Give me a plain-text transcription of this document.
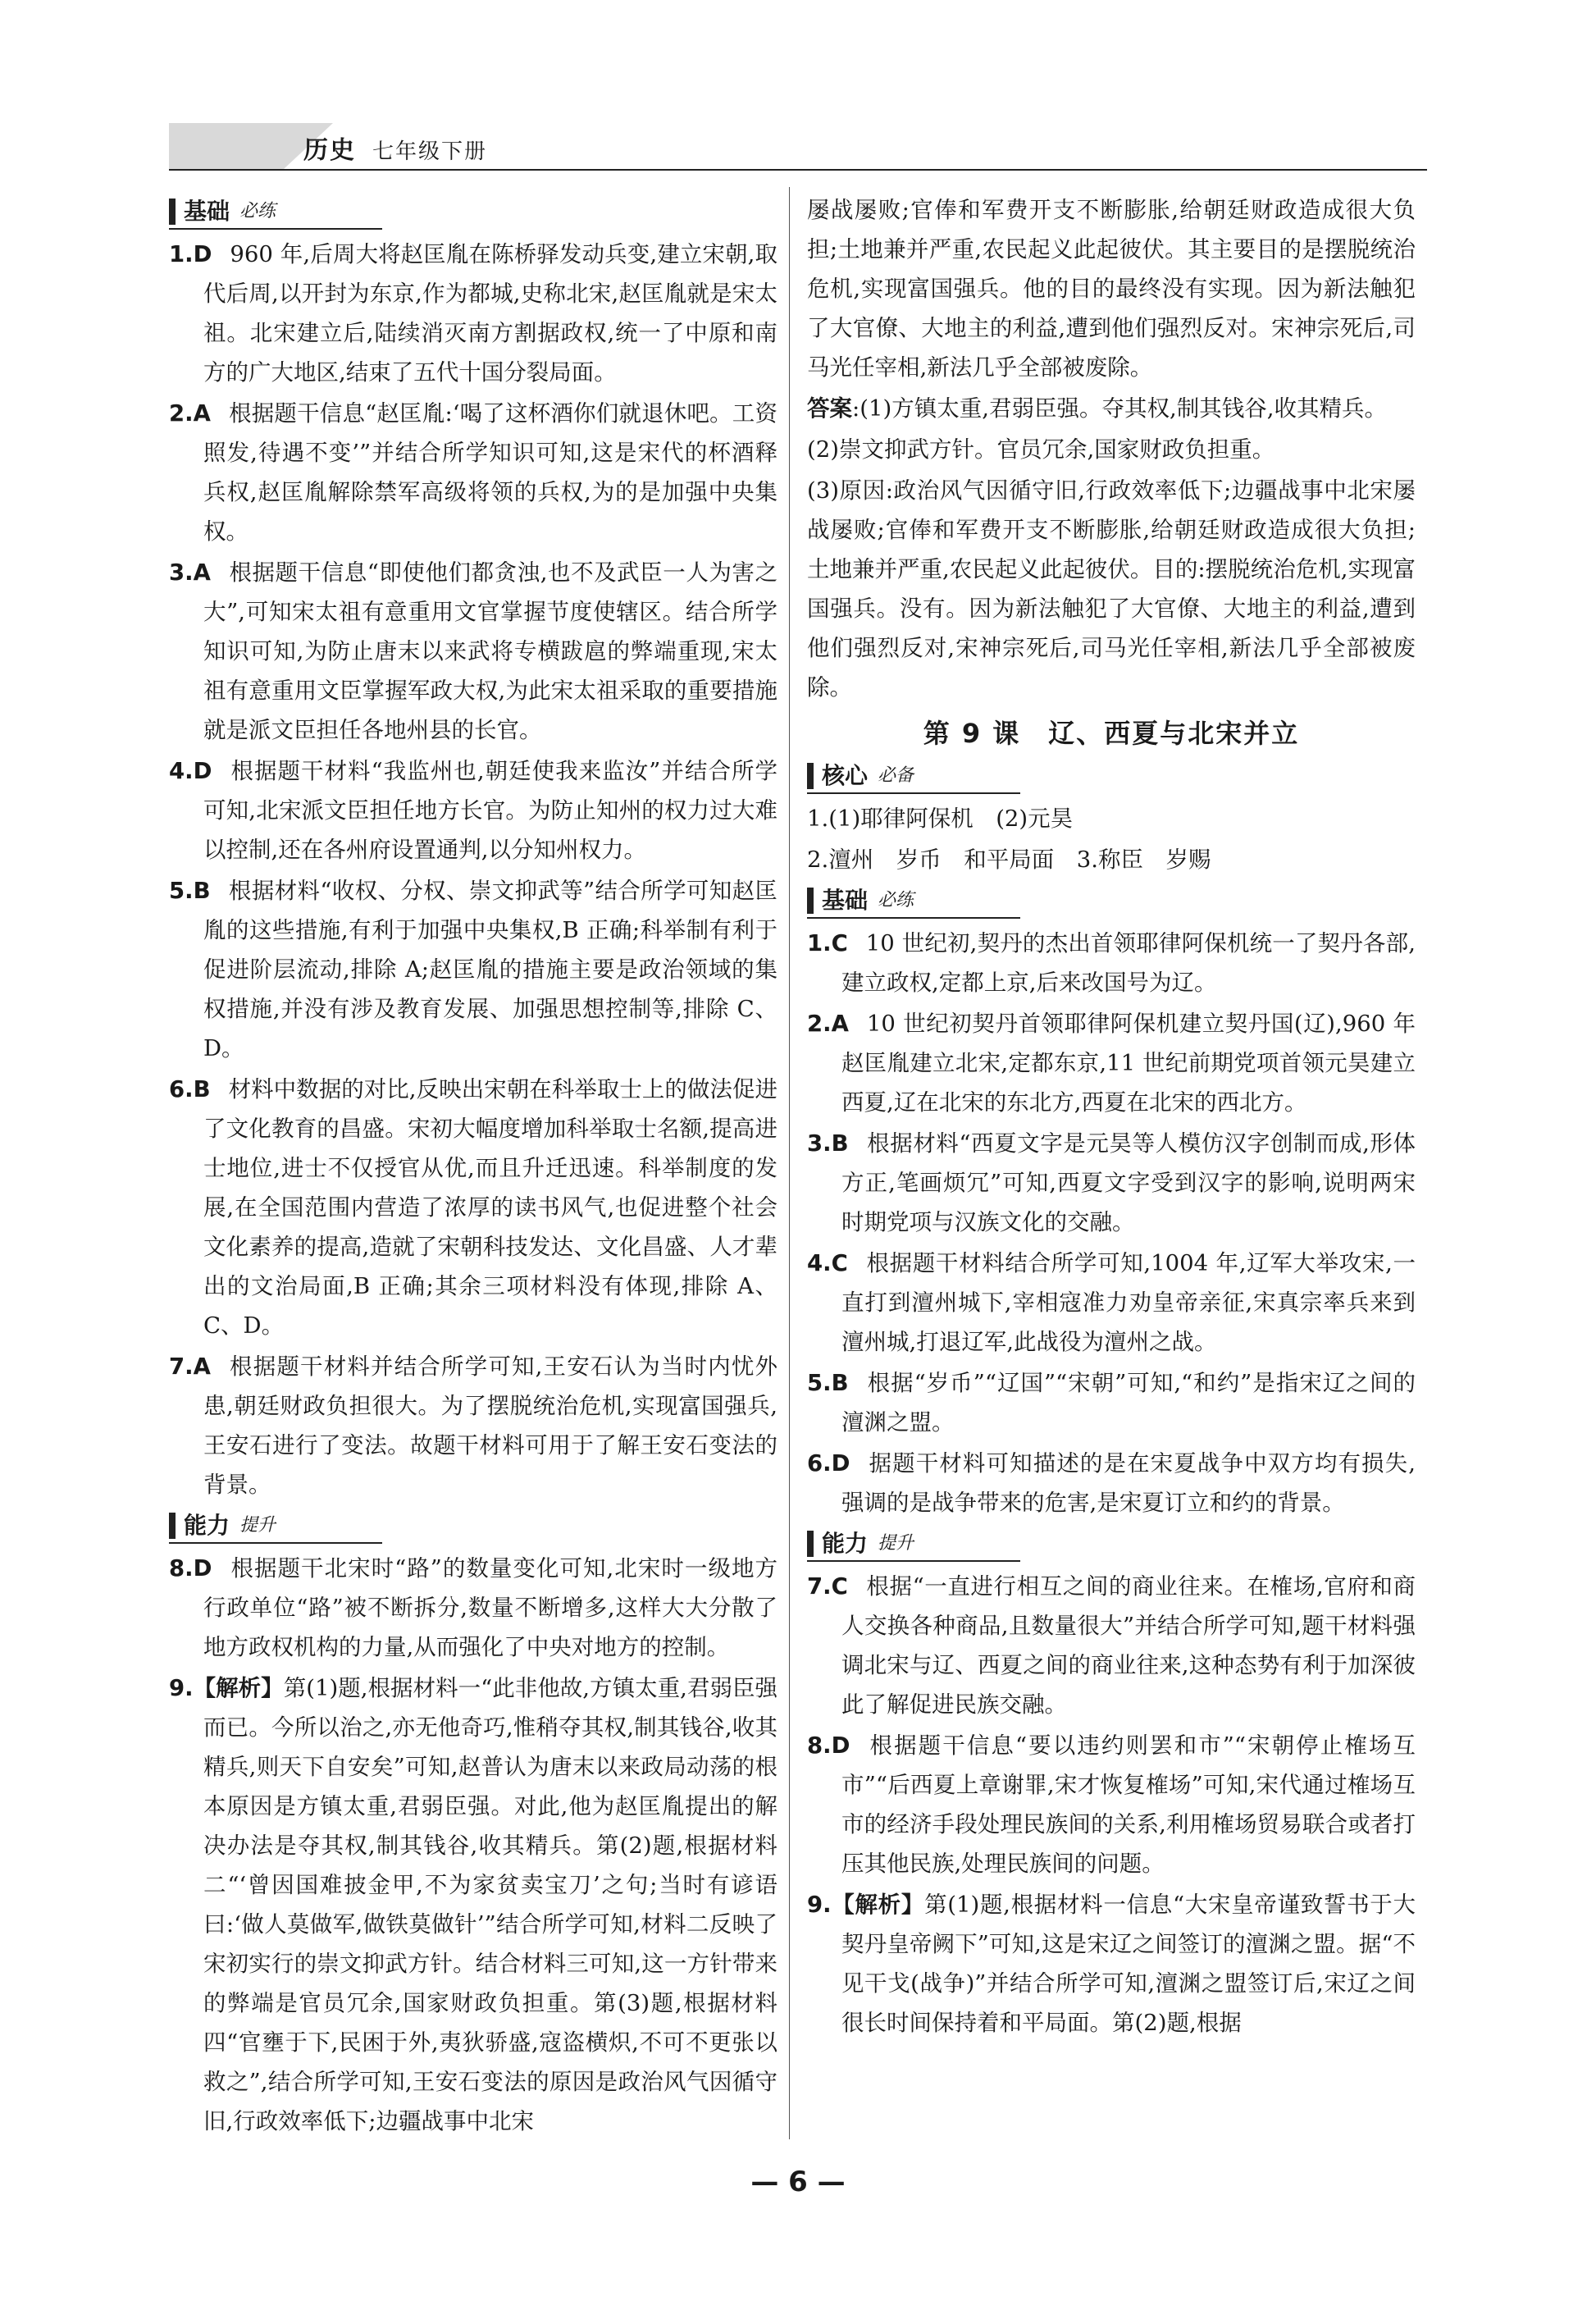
历史 七年级下册
基础 必练
1.D 960 年,后周大将赵匡胤在陈桥驿发动兵变,建立宋朝,取代后周,以开封为东京,作为都城,史称北宋,赵匡胤就是宋太祖。北宋建立后,陆续消灭南方割据政权,统一了中原和南方的广大地区,结束了五代十国分裂局面。
2.A 根据题干信息“赵匡胤:‘喝了这杯酒你们就退休吧。工资照发,待遇不变’”并结合所学知识可知,这是宋代的杯酒释兵权,赵匡胤解除禁军高级将领的兵权,为的是加强中央集权。
3.A 根据题干信息“即使他们都贪浊,也不及武臣一人为害之大”,可知宋太祖有意重用文官掌握节度使辖区。结合所学知识可知,为防止唐末以来武将专横跋扈的弊端重现,宋太祖有意重用文臣掌握军政大权,为此宋太祖采取的重要措施就是派文臣担任各地州县的长官。
4.D 根据题干材料“我监州也,朝廷使我来监汝”并结合所学可知,北宋派文臣担任地方长官。为防止知州的权力过大难以控制,还在各州府设置通判,以分知州权力。
5.B 根据材料“收权、分权、崇文抑武等”结合所学可知赵匡胤的这些措施,有利于加强中央集权,B 正确;科举制有利于促进阶层流动,排除 A;赵匡胤的措施主要是政治领域的集权措施,并没有涉及教育发展、加强思想控制等,排除 C、D。
6.B 材料中数据的对比,反映出宋朝在科举取士上的做法促进了文化教育的昌盛。宋初大幅度增加科举取士名额,提高进士地位,进士不仅授官从优,而且升迁迅速。科举制度的发展,在全国范围内营造了浓厚的读书风气,也促进整个社会文化素养的提高,造就了宋朝科技发达、文化昌盛、人才辈出的文治局面,B 正确;其余三项材料没有体现,排除 A、C、D。
7.A 根据题干材料并结合所学可知,王安石认为当时内忧外患,朝廷财政负担很大。为了摆脱统治危机,实现富国强兵,王安石进行了变法。故题干材料可用于了解王安石变法的背景。
能力 提升
8.D 根据题干北宋时“路”的数量变化可知,北宋时一级地方行政单位“路”被不断拆分,数量不断增多,这样大大分散了地方政权机构的力量,从而强化了中央对地方的控制。
9.【解析】第(1)题,根据材料一“此非他故,方镇太重,君弱臣强而已。今所以治之,亦无他奇巧,惟稍夺其权,制其钱谷,收其精兵,则天下自安矣”可知,赵普认为唐末以来政局动荡的根本原因是方镇太重,君弱臣强。对此,他为赵匡胤提出的解决办法是夺其权,制其钱谷,收其精兵。第(2)题,根据材料二“‘曾因国难披金甲,不为家贫卖宝刀’之句;当时有谚语曰:‘做人莫做军,做铁莫做针’”结合所学可知,材料二反映了宋初实行的崇文抑武方针。结合材料三可知,这一方针带来的弊端是官员冗余,国家财政负担重。第(3)题,根据材料四“官壅于下,民困于外,夷狄骄盛,寇盗横炽,不可不更张以救之”,结合所学可知,王安石变法的原因是政治风气因循守旧,行政效率低下;边疆战事中北宋
屡战屡败;官俸和军费开支不断膨胀,给朝廷财政造成很大负担;土地兼并严重,农民起义此起彼伏。其主要目的是摆脱统治危机,实现富国强兵。他的目的最终没有实现。因为新法触犯了大官僚、大地主的利益,遭到他们强烈反对。宋神宗死后,司马光任宰相,新法几乎全部被废除。
答案:(1)方镇太重,君弱臣强。夺其权,制其钱谷,收其精兵。
(2)崇文抑武方针。官员冗余,国家财政负担重。
(3)原因:政治风气因循守旧,行政效率低下;边疆战事中北宋屡战屡败;官俸和军费开支不断膨胀,给朝廷财政造成很大负担;土地兼并严重,农民起义此起彼伏。目的:摆脱统治危机,实现富国强兵。没有。因为新法触犯了大官僚、大地主的利益,遭到他们强烈反对,宋神宗死后,司马光任宰相,新法几乎全部被废除。
第 9 课　辽、西夏与北宋并立
核心 必备
1.(1)耶律阿保机　(2)元昊
2.澶州　岁币　和平局面　3.称臣　岁赐
基础 必练
1.C 10 世纪初,契丹的杰出首领耶律阿保机统一了契丹各部,建立政权,定都上京,后来改国号为辽。
2.A 10 世纪初契丹首领耶律阿保机建立契丹国(辽),960 年赵匡胤建立北宋,定都东京,11 世纪前期党项首领元昊建立西夏,辽在北宋的东北方,西夏在北宋的西北方。
3.B 根据材料“西夏文字是元昊等人模仿汉字创制而成,形体方正,笔画烦冗”可知,西夏文字受到汉字的影响,说明两宋时期党项与汉族文化的交融。
4.C 根据题干材料结合所学可知,1004 年,辽军大举攻宋,一直打到澶州城下,宰相寇准力劝皇帝亲征,宋真宗率兵来到澶州城,打退辽军,此战役为澶州之战。
5.B 根据“岁币”“辽国”“宋朝”可知,“和约”是指宋辽之间的澶渊之盟。
6.D 据题干材料可知描述的是在宋夏战争中双方均有损失,强调的是战争带来的危害,是宋夏订立和约的背景。
能力 提升
7.C 根据“一直进行相互之间的商业往来。在榷场,官府和商人交换各种商品,且数量很大”并结合所学可知,题干材料强调北宋与辽、西夏之间的商业往来,这种态势有利于加深彼此了解促进民族交融。
8.D 根据题干信息“要以违约则罢和市”“宋朝停止榷场互市”“后西夏上章谢罪,宋才恢复榷场”可知,宋代通过榷场互市的经济手段处理民族间的关系,利用榷场贸易联合或者打压其他民族,处理民族间的问题。
9.【解析】第(1)题,根据材料一信息“大宋皇帝谨致誓书于大契丹皇帝阙下”可知,这是宋辽之间签订的澶渊之盟。据“不见干戈(战争)”并结合所学可知,澶渊之盟签订后,宋辽之间很长时间保持着和平局面。第(2)题,根据
— 6 —
